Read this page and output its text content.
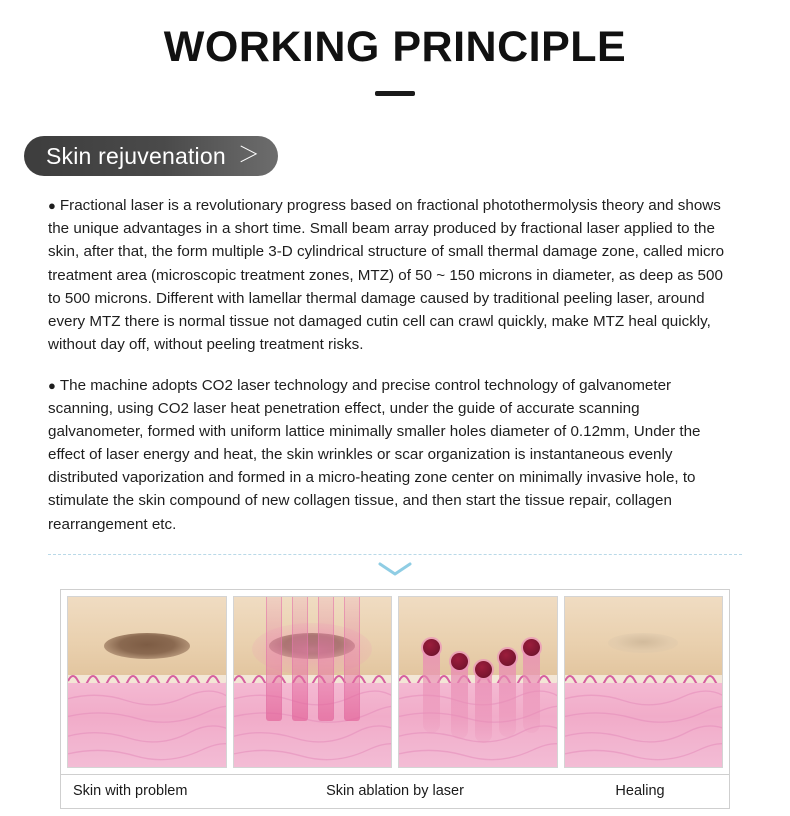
WORKING PRINCIPLE
Skin rejuvenation ＞

● Fractional laser is a revolutionary progress based on fractional photothermolysis theory and shows the unique advantages in a short time. Small beam array produced by fractional laser applied to the skin, after that, the form multiple 3-D cylindrical structure of small thermal damage zone, called micro treatment area (microscopic treatment zones, MTZ) of 50 ~ 150 microns in diameter, as deep as 500 to 500 microns. Different with lamellar thermal damage caused by traditional peeling laser, around every MTZ there is normal tissue not damaged cutin cell can crawl quickly, make MTZ heal quickly, without day off, without peeling treatment risks.

● The machine adopts CO2 laser technology and precise control technology of galvanometer scanning, using CO2 laser heat penetration effect, under the guide of accurate scanning galvanometer, formed with uniform lattice minimally smaller holes diameter of 0.12mm, Under the effect of laser energy and heat, the skin wrinkles or scar organization is instantaneous evenly distributed vaporization and formed in a micro-heating zone center on minimally invasive hole, to stimulate the skin compound of new collagen tissue, and then start the tissue repair, collagen rearrangement etc.

Skin with problem	Skin ablation by laser	Healing
